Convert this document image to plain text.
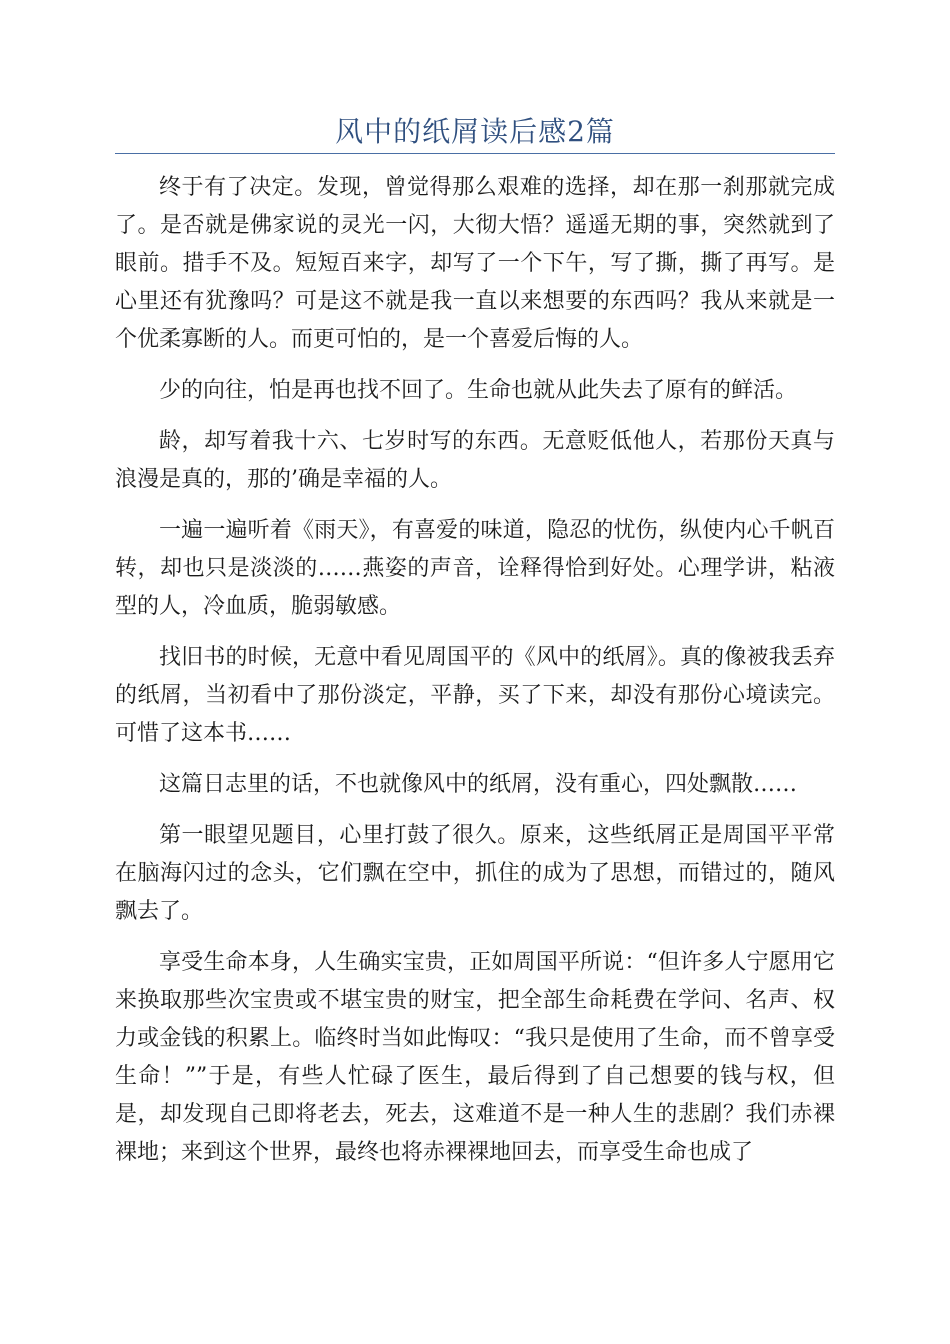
风中的纸屑读后感2篇

终于有了决定。发现，曾觉得那么艰难的选择，却在那一刹那就完成了。是否就是佛家说的灵光一闪，大彻大悟？遥遥无期的事，突然就到了眼前。措手不及。短短百来字，却写了一个下午，写了撕，撕了再写。是心里还有犹豫吗？可是这不就是我一直以来想要的东西吗？我从来就是一个优柔寡断的人。而更可怕的，是一个喜爱后悔的人。

少的向往，怕是再也找不回了。生命也就从此失去了原有的鲜活。

龄，却写着我十六、七岁时写的东西。无意贬低他人，若那份天真与浪漫是真的，那的’确是幸福的人。

一遍一遍听着《雨天》，有喜爱的味道，隐忍的忧伤，纵使内心千帆百转，却也只是淡淡的……燕姿的声音，诠释得恰到好处。心理学讲，粘液型的人，冷血质，脆弱敏感。

找旧书的时候，无意中看见周国平的《风中的纸屑》。真的像被我丢弃的纸屑，当初看中了那份淡定，平静，买了下来，却没有那份心境读完。可惜了这本书……

这篇日志里的话，不也就像风中的纸屑，没有重心，四处飘散……

第一眼望见题目，心里打鼓了很久。原来，这些纸屑正是周国平平常在脑海闪过的念头，它们飘在空中，抓住的成为了思想，而错过的，随风飘去了。

享受生命本身，人生确实宝贵，正如周国平所说：“但许多人宁愿用它来换取那些次宝贵或不堪宝贵的财宝，把全部生命耗费在学问、名声、权力或金钱的积累上。临终时当如此悔叹：“我只是使用了生命，而不曾享受生命！””于是，有些人忙碌了医生，最后得到了自己想要的钱与权，但是，却发现自己即将老去，死去，这难道不是一种人生的悲剧？我们赤裸裸地；来到这个世界，最终也将赤裸裸地回去，而享受生命也成了
